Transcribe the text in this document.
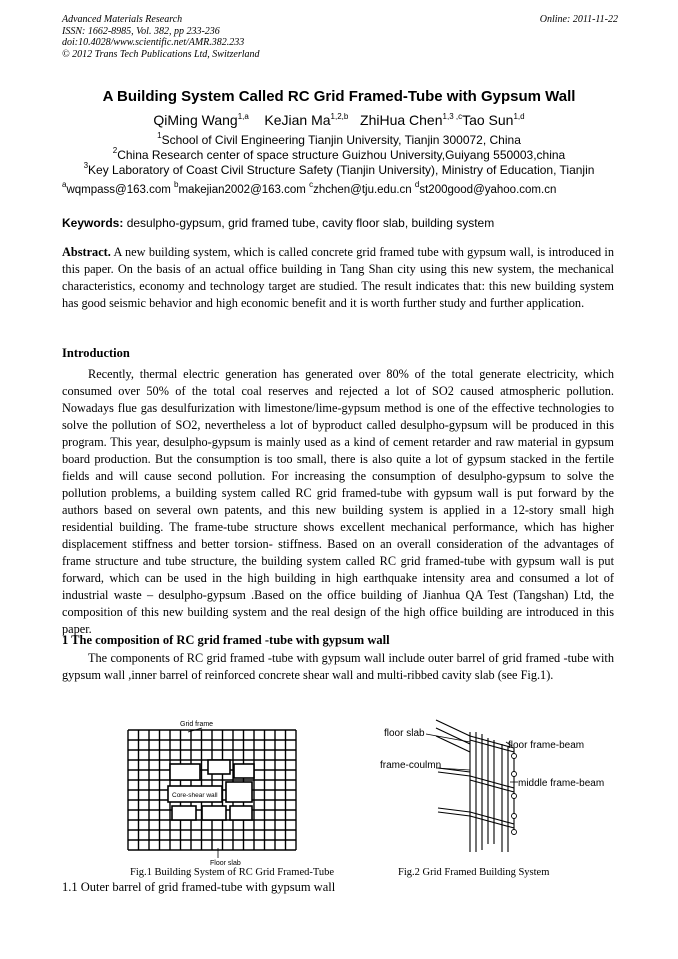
Advanced Materials Research
ISSN: 1662-8985, Vol. 382, pp 233-236
doi:10.4028/www.scientific.net/AMR.382.233
© 2012 Trans Tech Publications Ltd, Switzerland
Online: 2011-11-22
A Building System Called RC Grid Framed-Tube with Gypsum Wall
QiMing Wang$^{1,a}$ KeJian Ma$^{1,2,b}$ ZhiHua Chen$^{1,3 ,c}$Tao Sun$^{1,d}$
$^1$School of Civil Engineering Tianjin University, Tianjin 300072, China
$^2$China Research center of space structure Guizhou University,Guiyang 550003,china
$^3$Key Laboratory of Coast Civil Structure Safety (Tianjin University), Ministry of Education, Tianjin
$^a$wqmpass@163.com $^b$makejian2002@163.com $^c$zhchen@tju.edu.cn $^d$st200good@yahoo.com.cn
Keywords: desulpho-gypsum, grid framed tube, cavity floor slab, building system
Abstract. A new building system, which is called concrete grid framed tube with gypsum wall, is introduced in this paper. On the basis of an actual office building in Tang Shan city using this new system, the mechanical characteristics, economy and technology target are studied. The result indicates that: this new building system has good seismic behavior and high economic benefit and it is worth further study and further application.
Introduction
Recently, thermal electric generation has generated over 80% of the total generate electricity, which consumed over 50% of the total coal reserves and rejected a lot of SO2 caused atmospheric pollution. Nowadays flue gas desulfurization with limestone/lime-gypsum method is one of the effective technologies to solve the pollution of SO2, nevertheless a lot of byproduct called desulpho-gypsum will be produced in this program. This year, desulpho-gypsum is mainly used as a kind of cement retarder and raw material in gypsum board production. But the consumption is too small, there is also quite a lot of gypsum stacked in the fertile fields and will cause second pollution. For increasing the consumption of desulpho-gypsum to solve the pollution problems, a building system called RC grid framed-tube with gypsum wall is put forward by the authors based on several own patents, and this new building system is applied in a 12-story small high residential building. The frame-tube structure shows excellent mechanical performance, which has higher displacement stiffness and better torsion- stiffness. Based on an overall consideration of the advantages of frame structure and tube structure, the building system called RC grid framed-tube with gypsum wall is put forward, which can be used in the high building in high earthquake intensity area and consumed a lot of industrial waste – desulpho-gypsum .Based on the office building of Jianhua QA Test (Tangshan) Ltd, the composition of this new building system and the real design of the high office building are introduced in this paper.
1 The composition of RC grid framed -tube with gypsum wall
The components of RC grid framed -tube with gypsum wall include outer barrel of grid framed -tube with gypsum wall ,inner barrel of reinforced concrete shear wall and multi-ribbed cavity slab (see Fig.1).
Grid frame
Core-shear wall
Floor slab
floor slab
frame-coulmn
floor frame-beam
middle frame-beam
Fig.1 Building System of RC Grid Framed-Tube	Fig.2 Grid Framed Building System
1.1 Outer barrel of grid framed-tube with gypsum wall
